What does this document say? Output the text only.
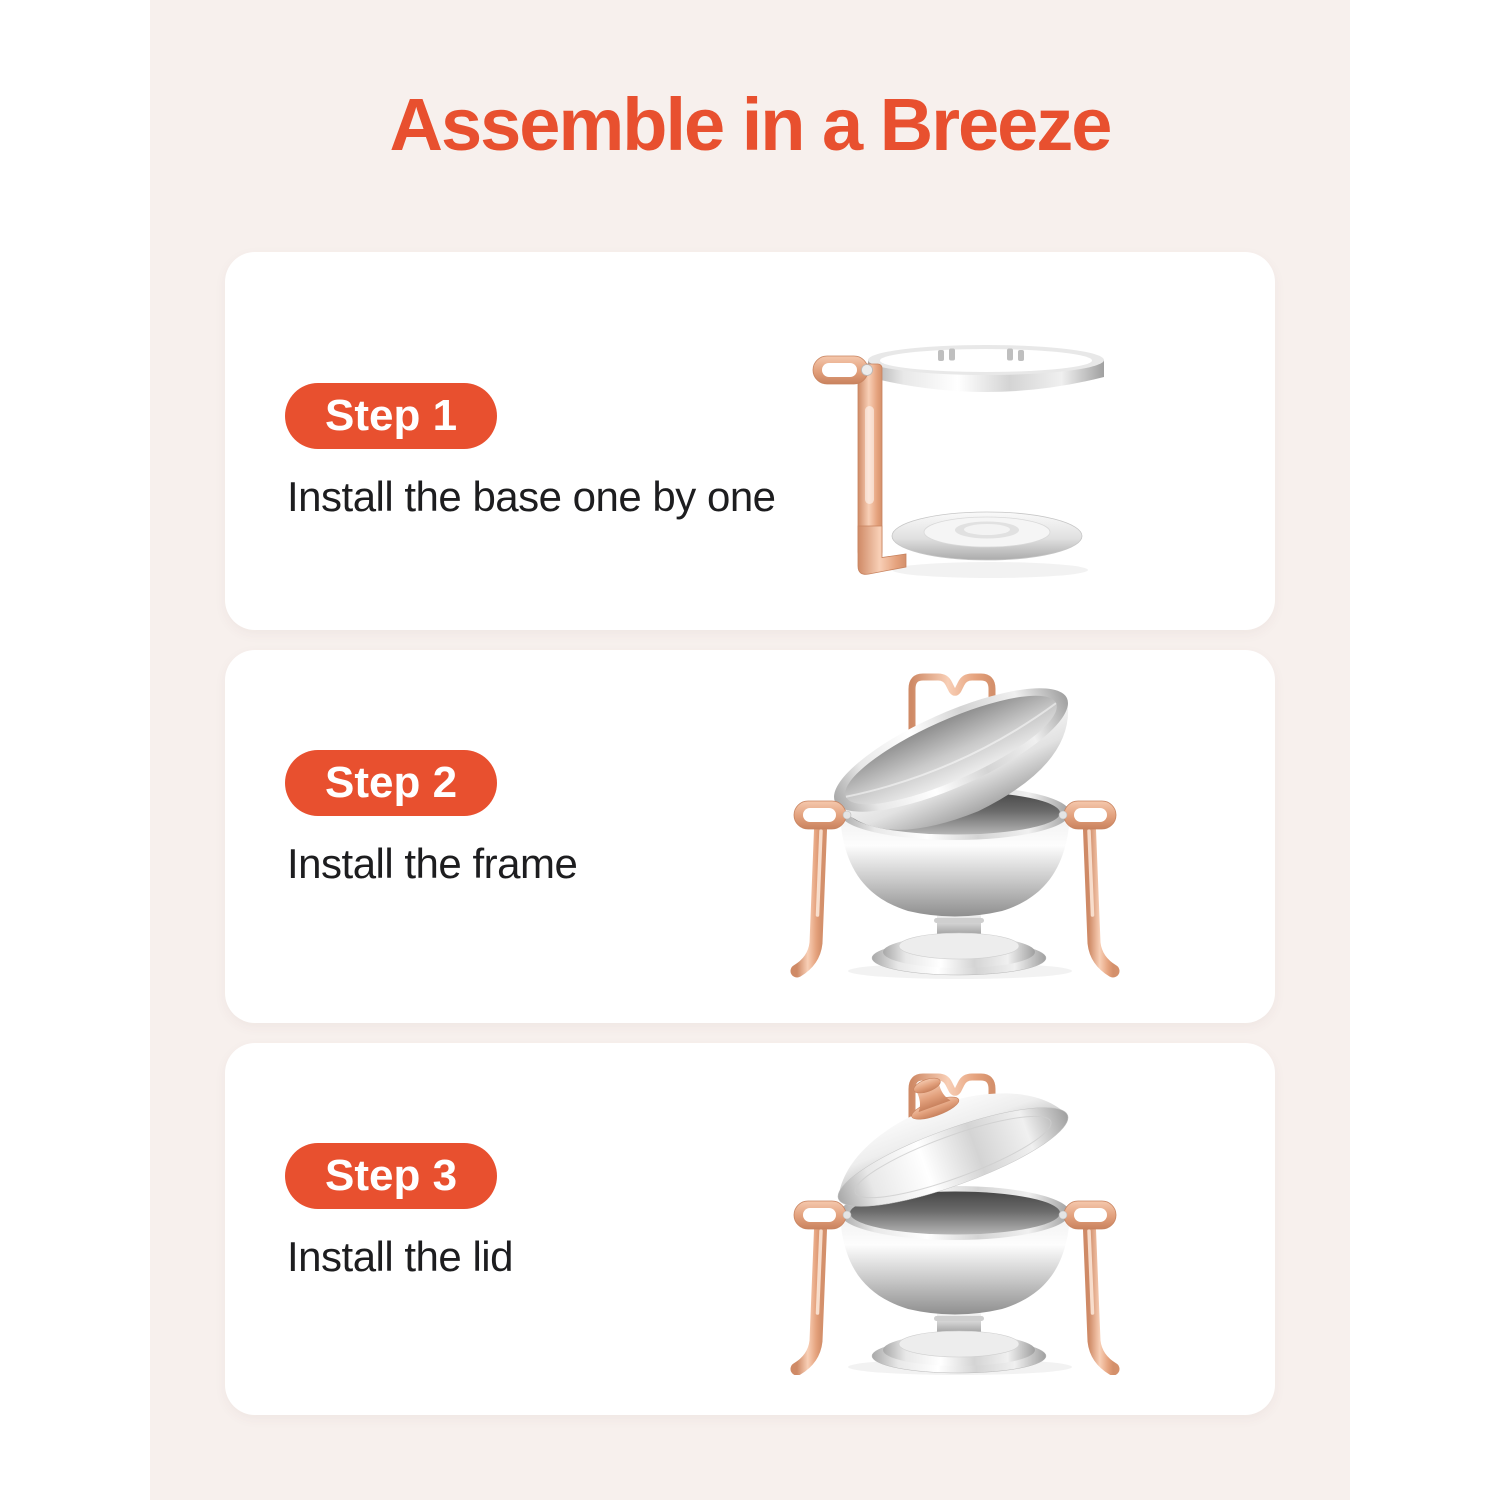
Assemble in a Breeze
Step 1

Install the base one by one

Step 2

Install the frame

Step 3

Install the lid
